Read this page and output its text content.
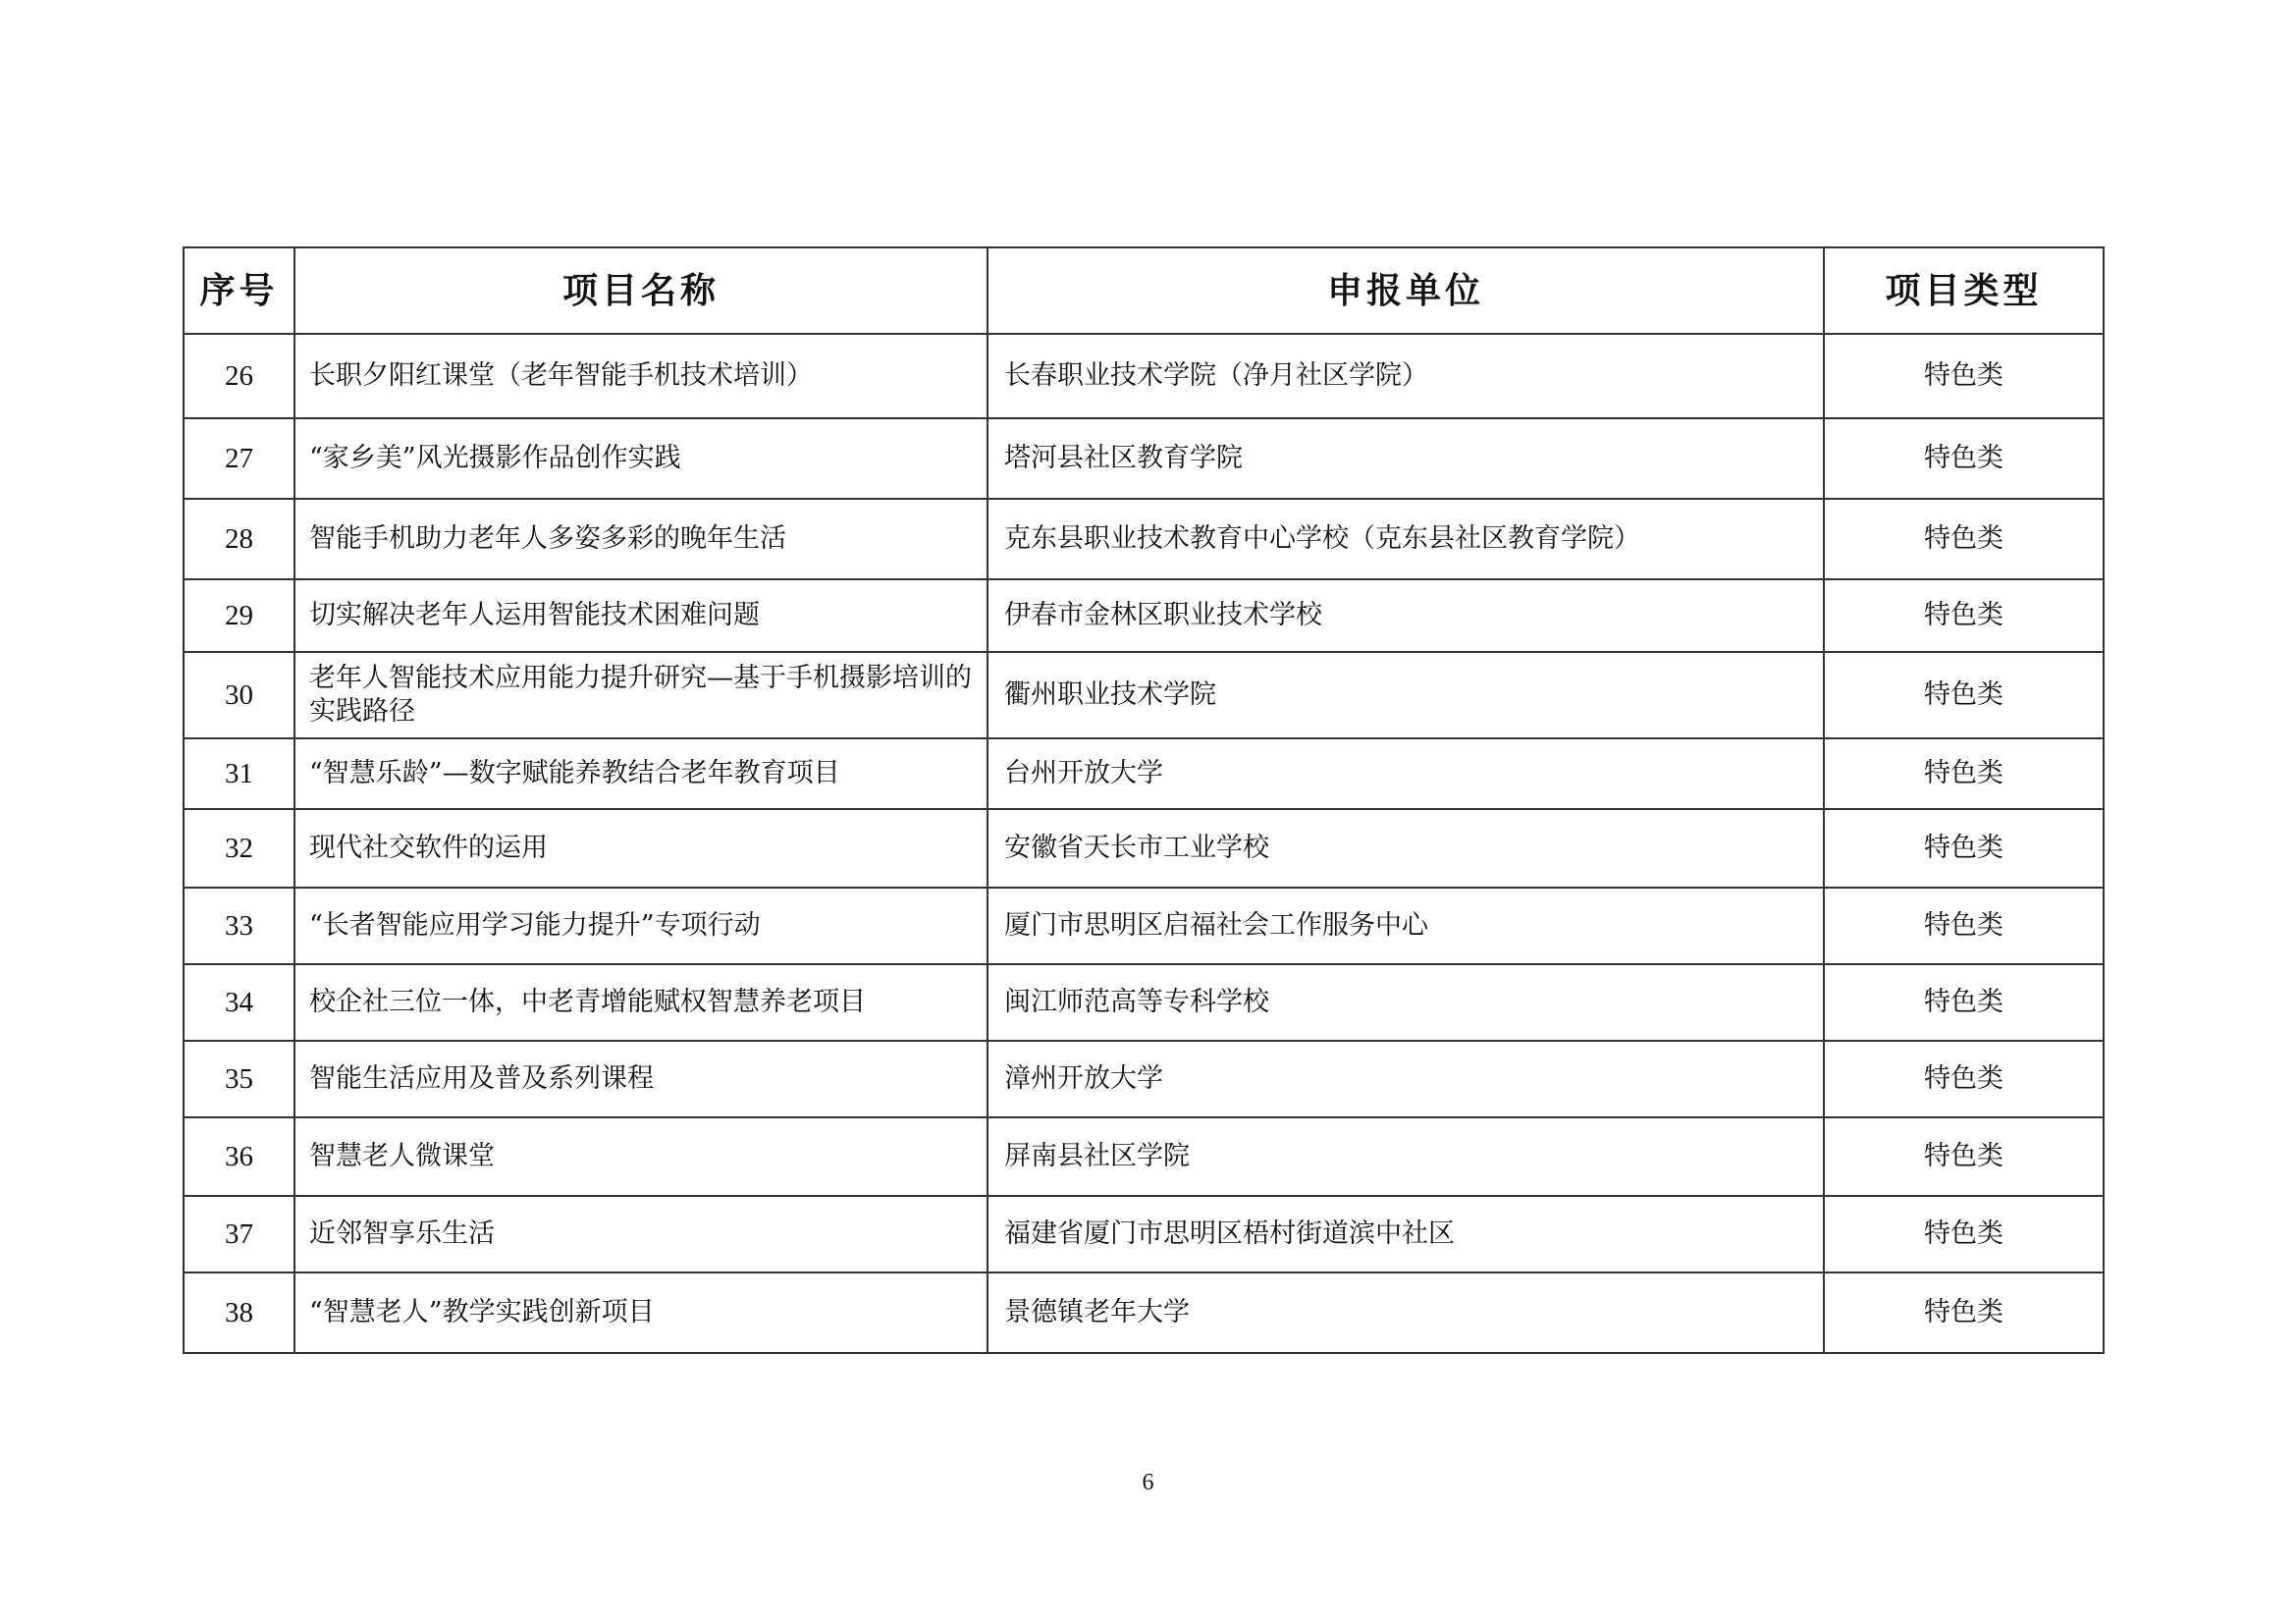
序号	项目名称	申报单位	项目类型
26	长职夕阳红课堂（老年智能手机技术培训）	长春职业技术学院（净月社区学院）	特色类
27	“家乡美”风光摄影作品创作实践	塔河县社区教育学院	特色类
28	智能手机助力老年人多姿多彩的晚年生活	克东县职业技术教育中心学校（克东县社区教育学院）	特色类
29	切实解决老年人运用智能技术困难问题	伊春市金林区职业技术学校	特色类
30	老年人智能技术应用能力提升研究—基于手机摄影培训的实践路径	衢州职业技术学院	特色类
31	“智慧乐龄”—数字赋能养教结合老年教育项目	台州开放大学	特色类
32	现代社交软件的运用	安徽省天长市工业学校	特色类
33	“长者智能应用学习能力提升”专项行动	厦门市思明区启福社会工作服务中心	特色类
34	校企社三位一体，中老青增能赋权智慧养老项目	闽江师范高等专科学校	特色类
35	智能生活应用及普及系列课程	漳州开放大学	特色类
36	智慧老人微课堂	屏南县社区学院	特色类
37	近邻智享乐生活	福建省厦门市思明区梧村街道滨中社区	特色类
38	“智慧老人”教学实践创新项目	景德镇老年大学	特色类
6
